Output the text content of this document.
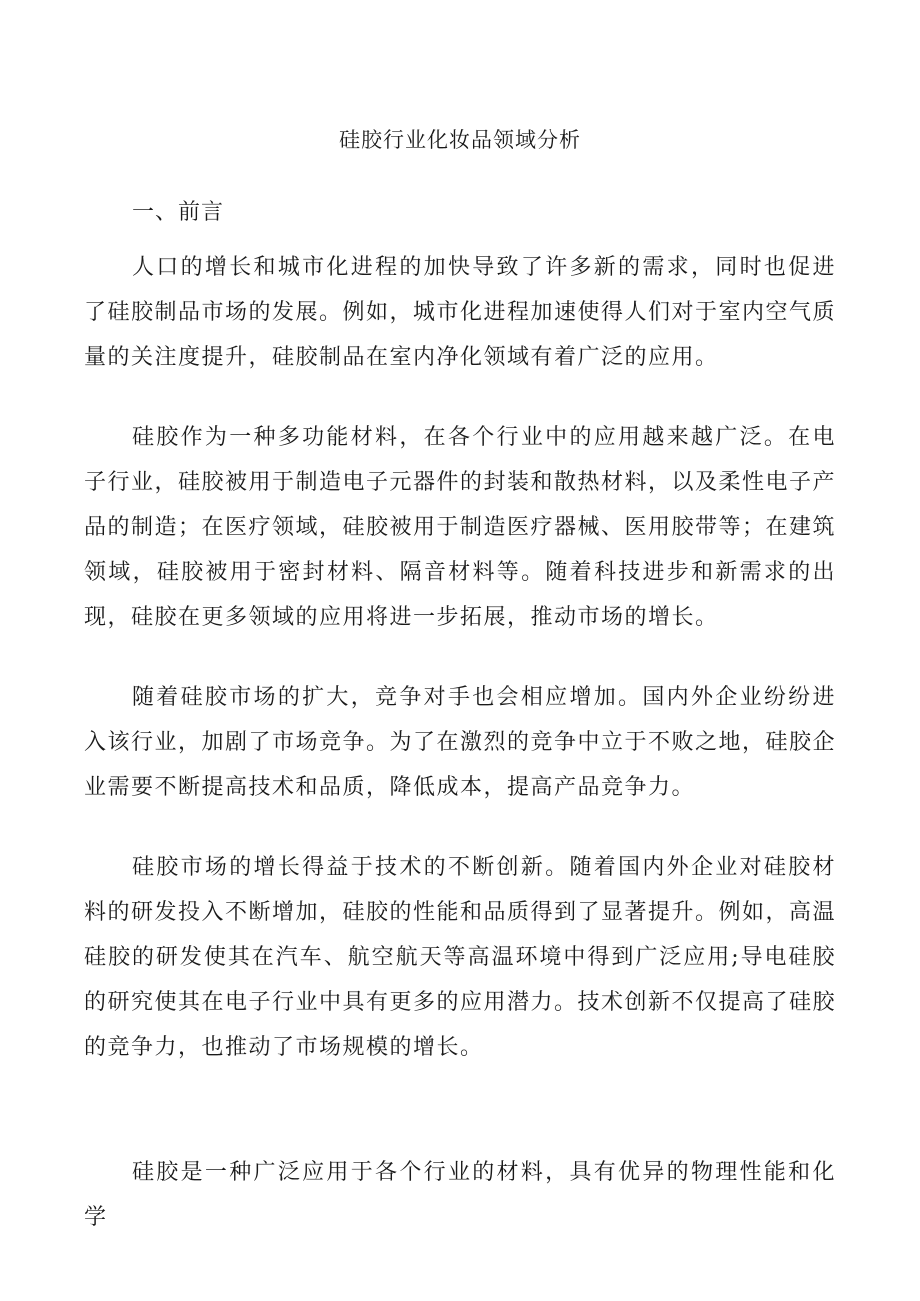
硅胶行业化妆品领域分析
一、前言

人口的增长和城市化进程的加快导致了许多新的需求，同时也促进了硅胶制品市场的发展。例如，城市化进程加速使得人们对于室内空气质量的关注度提升，硅胶制品在室内净化领域有着广泛的应用。

硅胶作为一种多功能材料，在各个行业中的应用越来越广泛。在电子行业，硅胶被用于制造电子元器件的封装和散热材料，以及柔性电子产品的制造；在医疗领域，硅胶被用于制造医疗器械、医用胶带等；在建筑领域，硅胶被用于密封材料、隔音材料等。随着科技进步和新需求的出现，硅胶在更多领域的应用将进一步拓展，推动市场的增长。

随着硅胶市场的扩大，竞争对手也会相应增加。国内外企业纷纷进入该行业，加剧了市场竞争。为了在激烈的竞争中立于不败之地，硅胶企业需要不断提高技术和品质，降低成本，提高产品竞争力。

硅胶市场的增长得益于技术的不断创新。随着国内外企业对硅胶材料的研发投入不断增加，硅胶的性能和品质得到了显著提升。例如，高温硅胶的研发使其在汽车、航空航天等高温环境中得到广泛应用;导电硅胶的研究使其在电子行业中具有更多的应用潜力。技术创新不仅提高了硅胶的竞争力，也推动了市场规模的增长。

硅胶是一种广泛应用于各个行业的材料，具有优异的物理性能和化学
